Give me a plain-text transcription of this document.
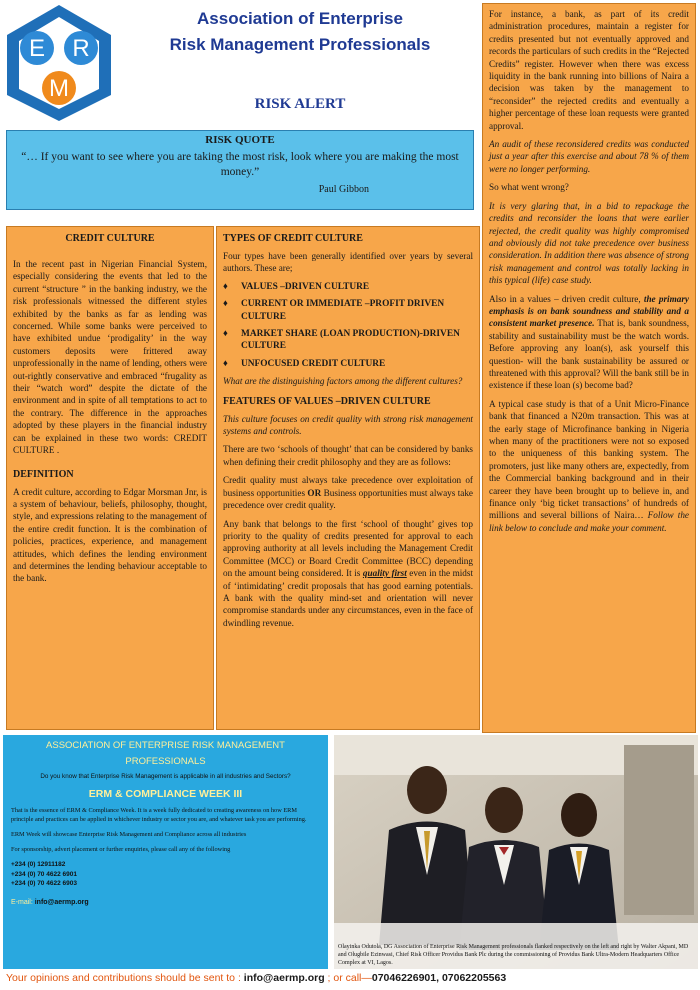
E R
M
Association of Enterprise
Risk Management Professionals
RISK ALERT
RISK QUOTE
“… If you want to see where you are taking the most risk, look where you are making the most money.”
Paul Gibbon
CREDIT CULTURE

In the recent past in Nigerian Financial System, especially considering the events that led to the current “structure ” in the banking industry, we the risk professionals witnessed the different styles exhibited by the banks as far as lending was concerned. While some banks were perceived to have exhibited undue ‘prodigality’ in the way customers deposits were frittered away unprofessionally in the name of lending, others were out-rightly conservative and embraced “frugality as their “watch word” despite the dictate of the environment and in spite of all temptations to act to the contrary. The difference in the approaches adopted by these players in the financial industry can be explained in these two words: CREDIT CULTURE .

DEFINITION

A credit culture, according to Edgar Morsman Jnr, is a system of behaviour, beliefs, philosophy, thought, style, and expressions relating to the management of the entire credit function. It is the combination of policies, practices, experience, and management attitudes, which defines the lending environment and determines the lending behaviour acceptable to the bank.

TYPES OF CREDIT CULTURE

Four types have been generally identified over years by several authors. These are;

♦	VALUES –DRIVEN CULTURE
♦	CURRENT OR IMMEDIATE –PROFIT DRIVEN CULTURE
♦	MARKET SHARE (LOAN PRODUCTION)-DRIVEN CULTURE
♦	UNFOCUSED CREDIT CULTURE

What are the distinguishing factors among the different cultures?

FEATURES OF VALUES –DRIVEN CULTURE

This culture focuses on credit quality with strong risk management systems and controls.

There are two ‘schools of thought’ that can be considered by banks when defining their credit philosophy and they are as follows:

Credit quality must always take precedence over exploitation of business opportunities OR Business opportunities must always take precedence over credit quality.

Any bank that belongs to the first ‘school of thought’ gives top priority to the quality of credits presented for approval to each approving authority at all levels including the Management Credit Committee (MCC) or Board Credit Committee (BCC) depending on the amount being considered. It is quality first even in the midst of ‘intimidating’ credit proposals that has good earning potentials. A bank with the quality mind-set and orientation will never compromise standards under any circumstances, even in the face of dwindling revenue.

For instance, a bank, as part of its credit administration procedures, maintain a register for credits presented but not eventually approved and records the particulars of such credits in the “Rejected Credits” register. However when there was excess liquidity in the bank running into billions of Naira a decision was taken by the management to “reconsider” the rejected credits and eventually a higher percentage of these loan requests were granted approval.

An audit of these reconsidered credits was conducted just a year after this exercise and about 78 % of them were no longer performing.

So what went wrong?

It is very glaring that, in a bid to repackage the credits and reconsider the loans that were earlier rejected, the credit quality was highly compromised and obviously did not take precedence over business consideration. In addition there was absence of strong risk management and control was totally lacking in this typical (life) case study.

Also in a values – driven credit culture, the primary emphasis is on bank soundness and stability and a consistent market presence. That is, bank soundness, stability and sustainability must be the watch words. Before approving any loan(s), ask yourself this question- will the bank sustainability be assured or threatened with this approval? Will the bank still be in existence if these loan (s) become bad?

A typical case study is that of a Unit Micro-Finance bank that financed a N20m transaction. This was at the early stage of Microfinance banking in Nigeria when many of the practitioners were not so exposed to the uniqueness of this banking system. The promoters, just like many others are, expectedly, from the Commercial banking background and in their career they have been brought up to believe in, and finance only ‘big ticket transactions’ of hundreds of millions and several billions of Naira… Follow the link below to conclude and make your comment.

ASSOCIATION OF ENTERPRISE RISK MANAGEMENT PROFESSIONALS
Do you know that Enterprise Risk Management is applicable in all industries and Sectors?
ERM & COMPLIANCE WEEK III

That is the essence of ERM & Compliance Week. It is a week fully dedicated to creating awareness on how ERM principle and practices can be applied in whichever industry or sector you are, and whatever task you are performing.

ERM Week will showcase Enterprise Risk Management and Compliance across all industries

For sponsorship, advert placement or further enquiries, please call any of the following

+234 (0) 12911182
+234 (0) 70 4622 6901
+234 (0) 70 4622 6903
E-mail: info@aermp.org
Olayinka Odutola, DG Association of Enterprise Risk Management professionals flanked respectively on the left and right by Walter Akpani, MD and Olugbile Ezinwasi, Chief Risk Officer Providus Bank Plc during the commissioning of Providus Bank Ultra-Modern Headquarters Office Complex at VI, Lagos.
Your opinions and contributions should be sent to : info@aermp.org ; or call—07046226901, 07062205563
